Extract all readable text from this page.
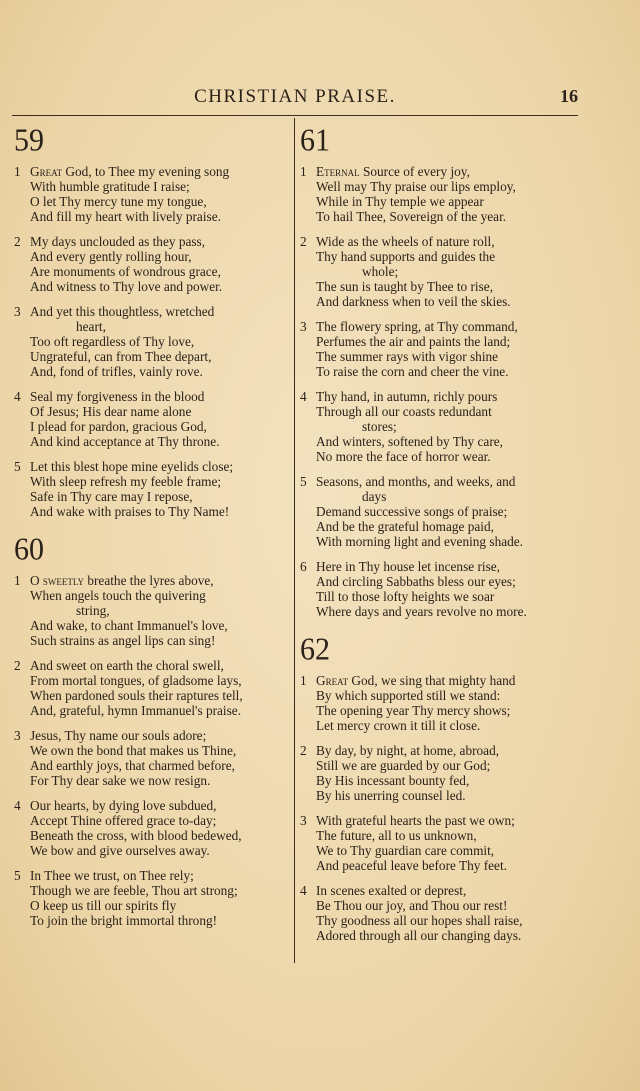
CHRISTIAN PRAISE.	16
59
1 Great God, to Thee my evening song
With humble gratitude I raise;
O let Thy mercy tune my tongue,
And fill my heart with lively praise.
2 My days unclouded as they pass,
And every gently rolling hour,
Are monuments of wondrous grace,
And witness to Thy love and power.
3 And yet this thoughtless, wretched
heart,
Too oft regardless of Thy love,
Ungrateful, can from Thee depart,
And, fond of trifles, vainly rove.
4 Seal my forgiveness in the blood
Of Jesus; His dear name alone
I plead for pardon, gracious God,
And kind acceptance at Thy throne.
5 Let this blest hope mine eyelids close;
With sleep refresh my feeble frame;
Safe in Thy care may I repose,
And wake with praises to Thy Name!
60
1 O sweetly breathe the lyres above,
When angels touch the quivering
string,
And wake, to chant Immanuel's love,
Such strains as angel lips can sing!
2 And sweet on earth the choral swell,
From mortal tongues, of gladsome lays,
When pardoned souls their raptures tell,
And, grateful, hymn Immanuel's praise.
3 Jesus, Thy name our souls adore;
We own the bond that makes us Thine,
And earthly joys, that charmed before,
For Thy dear sake we now resign.
4 Our hearts, by dying love subdued,
Accept Thine offered grace to-day;
Beneath the cross, with blood bedewed,
We bow and give ourselves away.
5 In Thee we trust, on Thee rely;
Though we are feeble, Thou art strong;
O keep us till our spirits fly
To join the bright immortal throng!
61
1 Eternal Source of every joy,
Well may Thy praise our lips employ,
While in Thy temple we appear
To hail Thee, Sovereign of the year.
2 Wide as the wheels of nature roll,
Thy hand supports and guides the
whole;
The sun is taught by Thee to rise,
And darkness when to veil the skies.
3 The flowery spring, at Thy command,
Perfumes the air and paints the land;
The summer rays with vigor shine
To raise the corn and cheer the vine.
4 Thy hand, in autumn, richly pours
Through all our coasts redundant
stores;
And winters, softened by Thy care,
No more the face of horror wear.
5 Seasons, and months, and weeks, and
days
Demand successive songs of praise;
And be the grateful homage paid,
With morning light and evening shade.
6 Here in Thy house let incense rise,
And circling Sabbaths bless our eyes;
Till to those lofty heights we soar
Where days and years revolve no more.
62
1 Great God, we sing that mighty hand
By which supported still we stand:
The opening year Thy mercy shows;
Let mercy crown it till it close.
2 By day, by night, at home, abroad,
Still we are guarded by our God;
By His incessant bounty fed,
By his unerring counsel led.
3 With grateful hearts the past we own;
The future, all to us unknown,
We to Thy guardian care commit,
And peaceful leave before Thy feet.
4 In scenes exalted or deprest,
Be Thou our joy, and Thou our rest!
Thy goodness all our hopes shall raise,
Adored through all our changing days.
